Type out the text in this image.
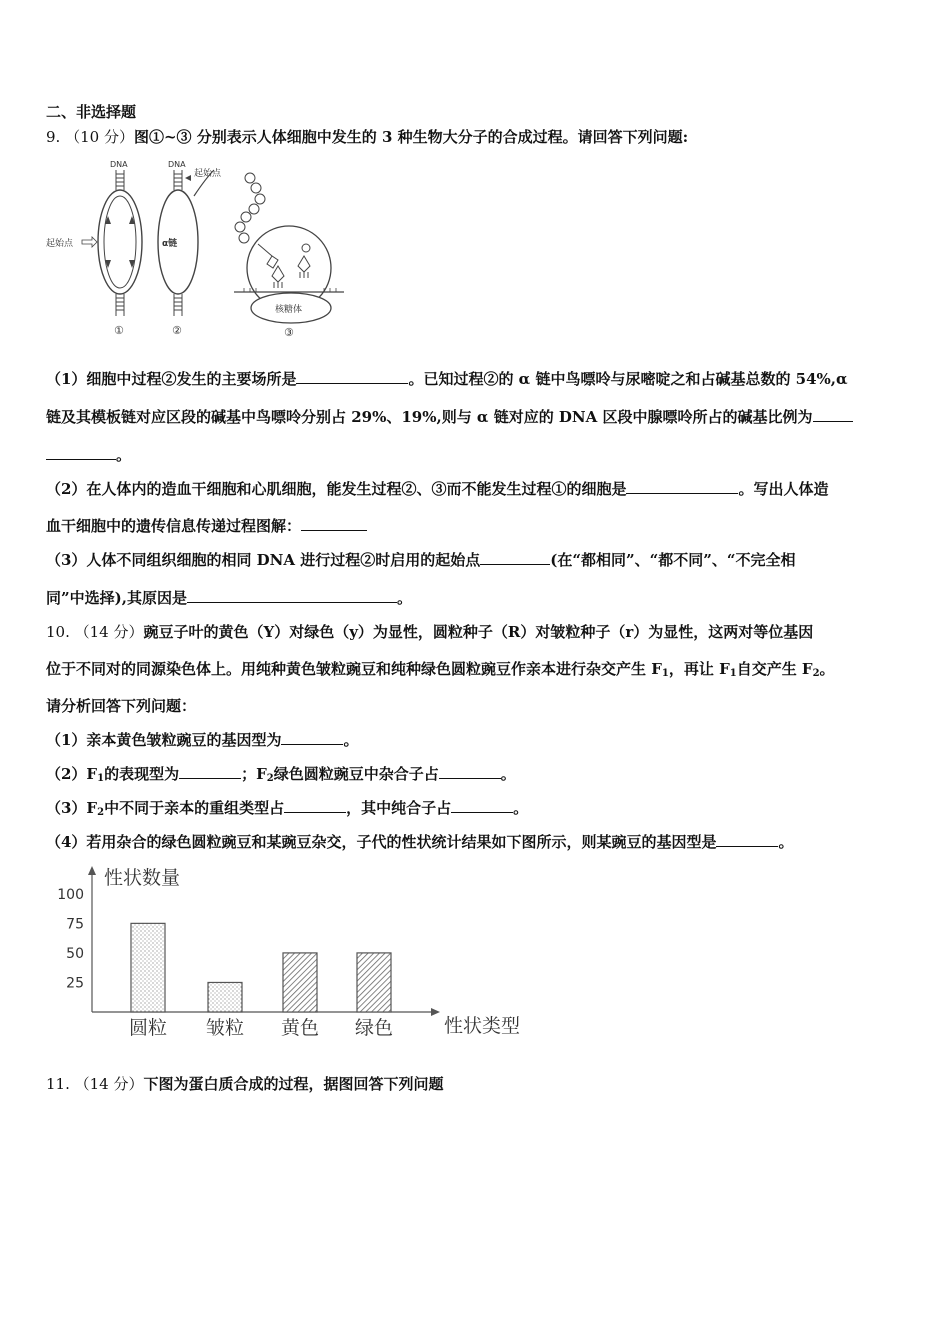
二、非选择题
9. （10 分）图①~③ 分别表示人体细胞中发生的 3 种生物大分子的合成过程。请回答下列问题:
DNA
起始点
①
DNA
起始点
α链
②
核糖体
③
（1）细胞中过程②发生的主要场所是	。已知过程②的 α 链中鸟嘌呤与尿嘧啶之和占碱基总数的 54%,α
链及其模板链对应区段的碱基中鸟嘌呤分别占 29%、19%,则与 α 链对应的 DNA 区段中腺嘌呤所占的碱基比例为
。
（2）在人体内的造血干细胞和心肌细胞，能发生过程②、③而不能发生过程①的细胞是	。写出人体造
血干细胞中的遗传信息传递过程图解：
（3）人体不同组织细胞的相同 DNA 进行过程②时启用的起始点	(在“都相同”、“都不同”、“不完全相
同”中选择),其原因是	。
10. （14 分）豌豆子叶的黄色（Y）对绿色（y）为显性，圆粒种子（R）对皱粒种子（r）为显性，这两对等位基因
位于不同对的同源染色体上。用纯种黄色皱粒豌豆和纯种绿色圆粒豌豆作亲本进行杂交产生 $F_1$，再让 $F_1$自交产生 $F_2$。
请分析回答下列问题：
（1）亲本黄色皱粒豌豆的基因型为	。
$(2)F_1$的表现型为	；$F_2$绿色圆粒豌豆中杂合子占	。
$(3)F_2$中不同于亲本的重组类型占	，其中纯合子占	。
（4）若用杂合的绿色圆粒豌豆和某豌豆杂交，子代的性状统计结果如下图所示，则某豌豆的基因型是	。
性状数量
性状类型
100
75
50
25
圆粒 皱粒 黄色 绿色
11. （14 分）下图为蛋白质合成的过程，据图回答下列问题
